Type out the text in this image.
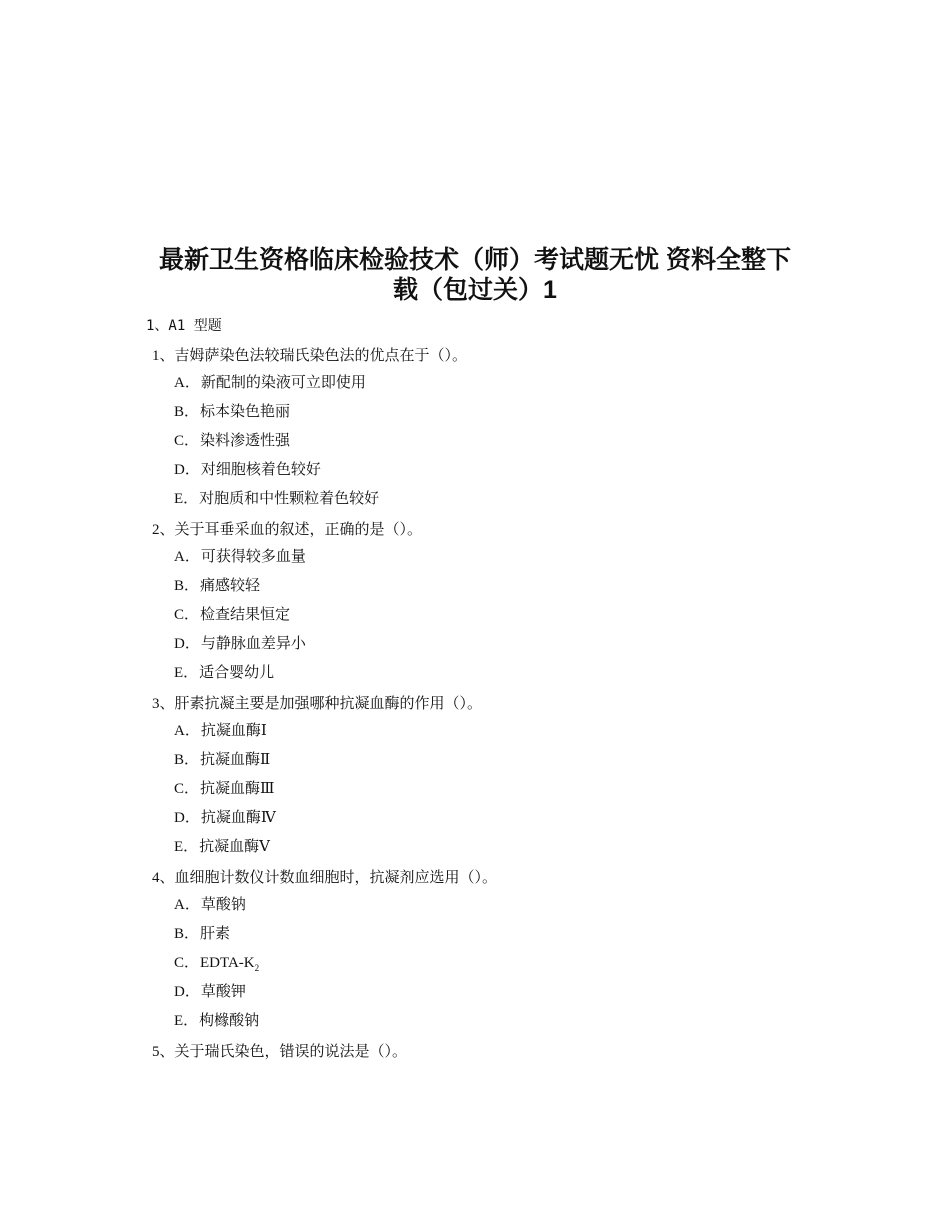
最新卫生资格临床检验技术（师）考试题无忧 资料全整下
载（包过关）1
1、A1 型题
1、吉姆萨染色法较瑞氏染色法的优点在于（）。
A．新配制的染液可立即使用
B．标本染色艳丽
C．染料渗透性强
D．对细胞核着色较好
E．对胞质和中性颗粒着色较好
2、关于耳垂采血的叙述，正确的是（）。
A．可获得较多血量
B．痛感较轻
C．检查结果恒定
D．与静脉血差异小
E．适合婴幼儿
3、肝素抗凝主要是加强哪种抗凝血酶的作用（）。
A．抗凝血酶Ⅰ
B．抗凝血酶Ⅱ
C．抗凝血酶Ⅲ
D．抗凝血酶Ⅳ
E．抗凝血酶Ⅴ
4、血细胞计数仪计数血细胞时，抗凝剂应选用（）。
A．草酸钠
B．肝素
C．EDTA-$K_2$
D．草酸钾
E．枸橼酸钠
5、关于瑞氏染色，错误的说法是（）。
